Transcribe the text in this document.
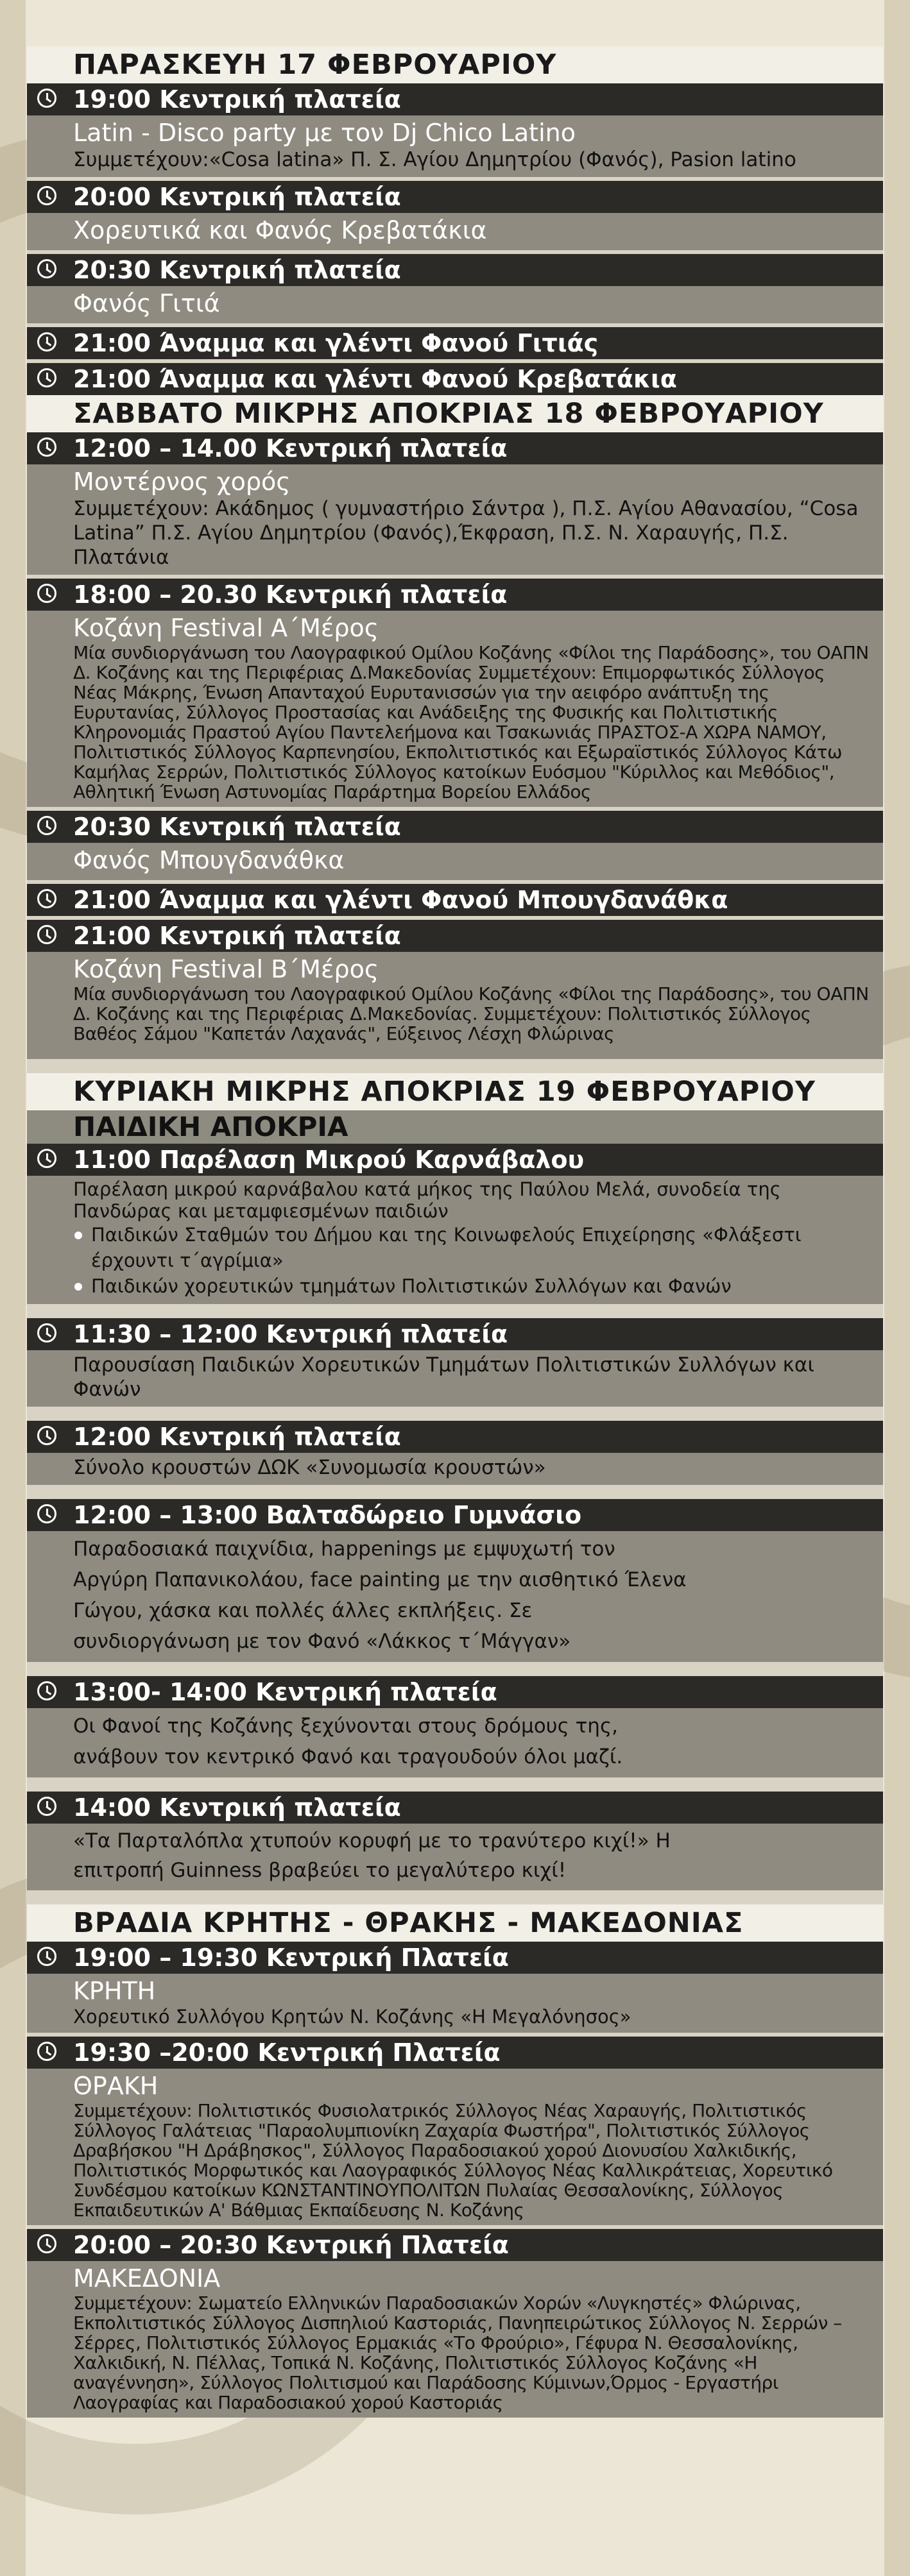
ΠΑΡΑΣΚΕΥΗ 17 ΦΕΒΡΟΥΑΡΙΟΥ
19:00 Κεντρική πλατεία
Latin - Disco party με τον Dj Chico Latino
Συμμετέχουν:«Cosa latina» Π. Σ. Αγίου Δημητρίου (Φανός), Pasion latino
20:00 Κεντρική πλατεία
Χορευτικά και Φανός Κρεβατάκια
20:30 Κεντρική πλατεία
Φανός Γιτιά
21:00 Άναμμα και γλέντι Φανού Γιτιάς
21:00 Άναμμα και γλέντι Φανού Κρεβατάκια
ΣΑΒΒΑΤΟ ΜΙΚΡΗΣ ΑΠΟΚΡΙΑΣ 18 ΦΕΒΡΟΥΑΡΙΟΥ
12:00 – 14.00 Κεντρική πλατεία
Μοντέρνος χορός
Συμμετέχουν: Ακάδημος ( γυμναστήριο Σάντρα ), Π.Σ. Αγίου Αθανασίου, “Cosa Latina” Π.Σ. Αγίου Δημητρίου (Φανός),Έκφραση, Π.Σ. Ν. Χαραυγής, Π.Σ. Πλατάνια
18:00 – 20.30 Κεντρική πλατεία
Κοζάνη Festival Α΄Μέρος
Μία συνδιοργάνωση του Λαογραφικού Ομίλου Κοζάνης «Φίλοι της Παράδοσης», του ΟΑΠΝ Δ. Κοζάνης και της Περιφέριας Δ.Μακεδονίας Συμμετέχουν: Επιμορφωτικός Σύλλογος Νέας Μάκρης, Ένωση Απανταχού Ευρυτανισσών για την αειφόρο ανάπτυξη της Ευρυτανίας, Σύλλογος Προστασίας και Ανάδειξης της Φυσικής και Πολιτιστικής Κληρονομιάς Πραστού Αγίου Παντελεήμονα και Τσακωνιάς ΠΡΑΣΤΟΣ-Α ΧΩΡΑ ΝΑΜΟΥ, Πολιτιστικός Σύλλογος Καρπενησίου, Εκπολιτιστικός και Εξωραϊστικός Σύλλογος Κάτω Καμήλας Σερρών, Πολιτιστικός Σύλλογος κατοίκων Ευόσμου "Κύριλλος και Μεθόδιος", Αθλητική Ένωση Αστυνομίας Παράρτημα Βορείου Ελλάδος
20:30 Κεντρική πλατεία
Φανός Μπουγδανάθκα
21:00 Άναμμα και γλέντι Φανού Μπουγδανάθκα
21:00 Κεντρική πλατεία
Κοζάνη Festival Β΄Μέρος
Μία συνδιοργάνωση του Λαογραφικού Ομίλου Κοζάνης «Φίλοι της Παράδοσης», του ΟΑΠΝ Δ. Κοζάνης και της Περιφέριας Δ.Μακεδονίας. Συμμετέχουν: Πολιτιστικός Σύλλογος Βαθέος Σάμου "Καπετάν Λαχανάς", Εύξεινος Λέσχη Φλώρινας
ΚΥΡΙΑΚΗ ΜΙΚΡΗΣ ΑΠΟΚΡΙΑΣ 19 ΦΕΒΡΟΥΑΡΙΟΥ
ΠΑΙΔΙΚΗ ΑΠΟΚΡΙΑ
11:00 Παρέλαση Μικρού Καρνάβαλου
Παρέλαση μικρού καρνάβαλου κατά μήκος της Παύλου Μελά, συνοδεία της Πανδώρας και μεταμφιεσμένων παιδιών
Παιδικών Σταθμών του Δήμου και της Κοινωφελούς Επιχείρησης «Φλάξεστι έρχουντι τ΄αγρίμια»
Παιδικών χορευτικών τμημάτων Πολιτιστικών Συλλόγων και Φανών
11:30 – 12:00 Κεντρική πλατεία
Παρουσίαση Παιδικών Χορευτικών Τμημάτων Πολιτιστικών Συλλόγων και Φανών
12:00 Κεντρική πλατεία
Σύνολο κρουστών ΔΩΚ «Συνομωσία κρουστών»
12:00 – 13:00 Βαλταδώρειο Γυμνάσιο
Παραδοσιακά παιχνίδια, happenings με εμψυχωτή τον Αργύρη Παπανικολάου, face painting με την αισθητικό Έλενα Γώγου, χάσκα και πολλές άλλες εκπλήξεις. Σε συνδιοργάνωση με τον Φανό «Λάκκος τ΄Μάγγαν»
13:00- 14:00 Κεντρική πλατεία
Οι Φανοί της Κοζάνης ξεχύνονται στους δρόμους της, ανάβουν τον κεντρικό Φανό και τραγουδούν όλοι μαζί.
14:00 Κεντρική πλατεία
«Τα Παρταλόπλα χτυπούν κορυφή με το τρανύτερο κιχί!» Η επιτροπή Guinness βραβεύει το μεγαλύτερο κιχί!
ΒΡΑΔΙΑ ΚΡΗΤΗΣ - ΘΡΑΚΗΣ - ΜΑΚΕΔΟΝΙΑΣ
19:00 – 19:30 Κεντρική Πλατεία
ΚΡΗΤΗ
Χορευτικό Συλλόγου Κρητών Ν. Κοζάνης «Η Μεγαλόνησος»
19:30 –20:00 Κεντρική Πλατεία
ΘΡΑΚΗ
Συμμετέχουν: Πολιτιστικός Φυσιολατρικός Σύλλογος Νέας Χαραυγής, Πολιτιστικός Σύλλογος Γαλάτειας "Παραολυμπιονίκη Ζαχαρία Φωστήρα", Πολιτιστικός Σύλλογος Δραβήσκου "Η Δράβησκος", Σύλλογος Παραδοσιακού χορού Διονυσίου Χαλκιδικής, Πολιτιστικός Μορφωτικός και Λαογραφικός Σύλλογος Νέας Καλλικράτειας, Χορευτικό Συνδέσμου κατοίκων ΚΩΝΣΤΑΝΤΙΝΟΥΠΟΛΙΤΩΝ Πυλαίας Θεσσαλονίκης, Σύλλογος Εκπαιδευτικών Α' Βάθμιας Εκπαίδευσης Ν. Κοζάνης
20:00 – 20:30 Κεντρική Πλατεία
ΜΑΚΕΔΟΝΙΑ
Συμμετέχουν: Σωματείο Ελληνικών Παραδοσιακών Χορών «Λυγκηστές» Φλώρινας, Εκπολιτιστικός Σύλλογος Δισπηλιού Καστοριάς, Πανηπειρώτικος Σύλλογος Ν. Σερρών – Σέρρες, Πολιτιστικός Σύλλογος Ερμακιάς «Το Φρούριο», Γέφυρα Ν. Θεσσαλονίκης, Χαλκιδική, Ν. Πέλλας, Τοπικά Ν. Κοζάνης, Πολιτιστικός Σύλλογος Κοζάνης «Η αναγέννηση», Σύλλογος Πολιτισμού και Παράδοσης Κύμινων,Όρμος - Εργαστήρι Λαογραφίας και Παραδοσιακού χορού Καστοριάς
